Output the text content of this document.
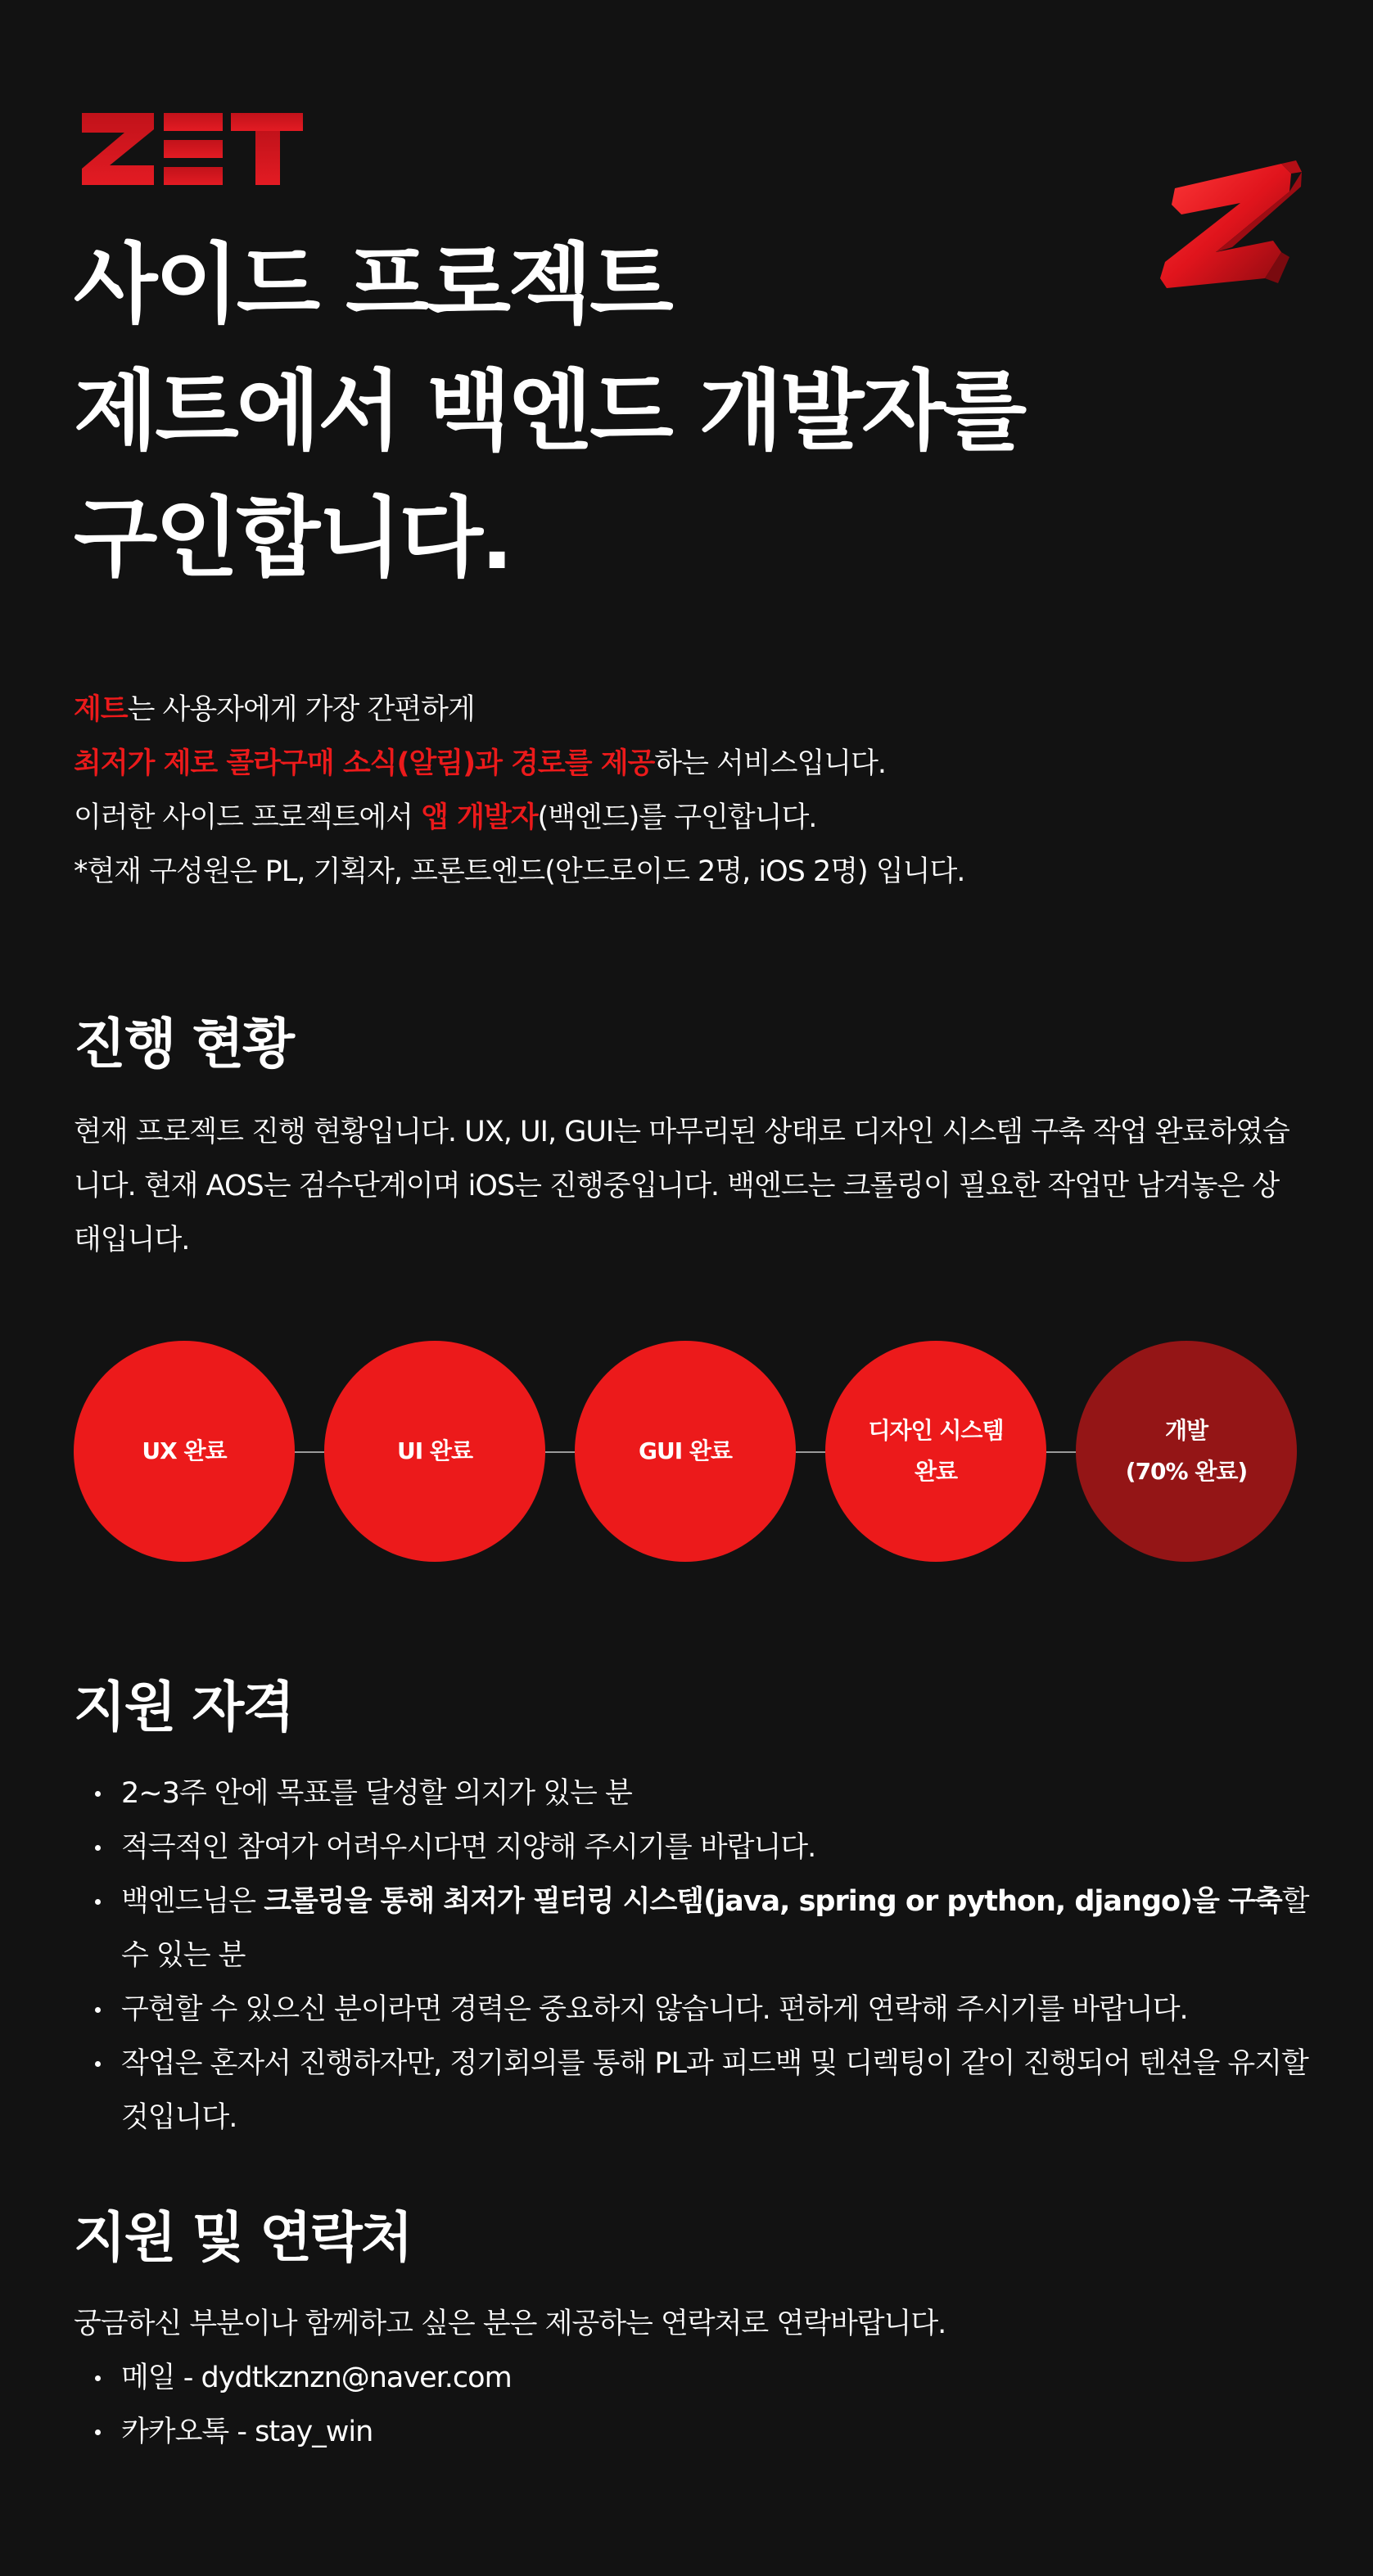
사이드 프로젝트
제트에서 백엔드 개발자를
구인합니다.

제트는 사용자에게 가장 간편하게

최저가 제로 콜라구매 소식(알림)과 경로를 제공하는 서비스입니다.

이러한 사이드 프로젝트에서 앱 개발자(백엔드)를 구인합니다.

*현재 구성원은 PL, 기획자, 프론트엔드(안드로이드 2명, iOS 2명) 입니다.

진행 현황

현재 프로젝트 진행 현황입니다. UX, UI, GUI는 마무리된 상태로 디자인 시스템 구축 작업 완료하였습니다. 현재 AOS는 검수단계이며 iOS는 진행중입니다. 백엔드는 크롤링이 필요한 작업만 남겨놓은 상태입니다.

UX 완료	UI 완료	GUI 완료
디자인 시스템
완료
개발
(70% 완료)
지원 자격
2~3주 안에 목표를 달성할 의지가 있는 분
적극적인 참여가 어려우시다면 지양해 주시기를 바랍니다.
백엔드님은 크롤링을 통해 최저가 필터링 시스템(java, spring or python, django)을 구축할 수 있는 분
구현할 수 있으신 분이라면 경력은 중요하지 않습니다. 편하게 연락해 주시기를 바랍니다.
작업은 혼자서 진행하자만, 정기회의를 통해 PL과 피드백 및 디렉팅이 같이 진행되어 텐션을 유지할 것입니다.
지원 및 연락처

궁금하신 부분이나 함께하고 싶은 분은 제공하는 연락처로 연락바랍니다.

메일 - dydtkznzn@naver.com
카카오톡 - stay_win
